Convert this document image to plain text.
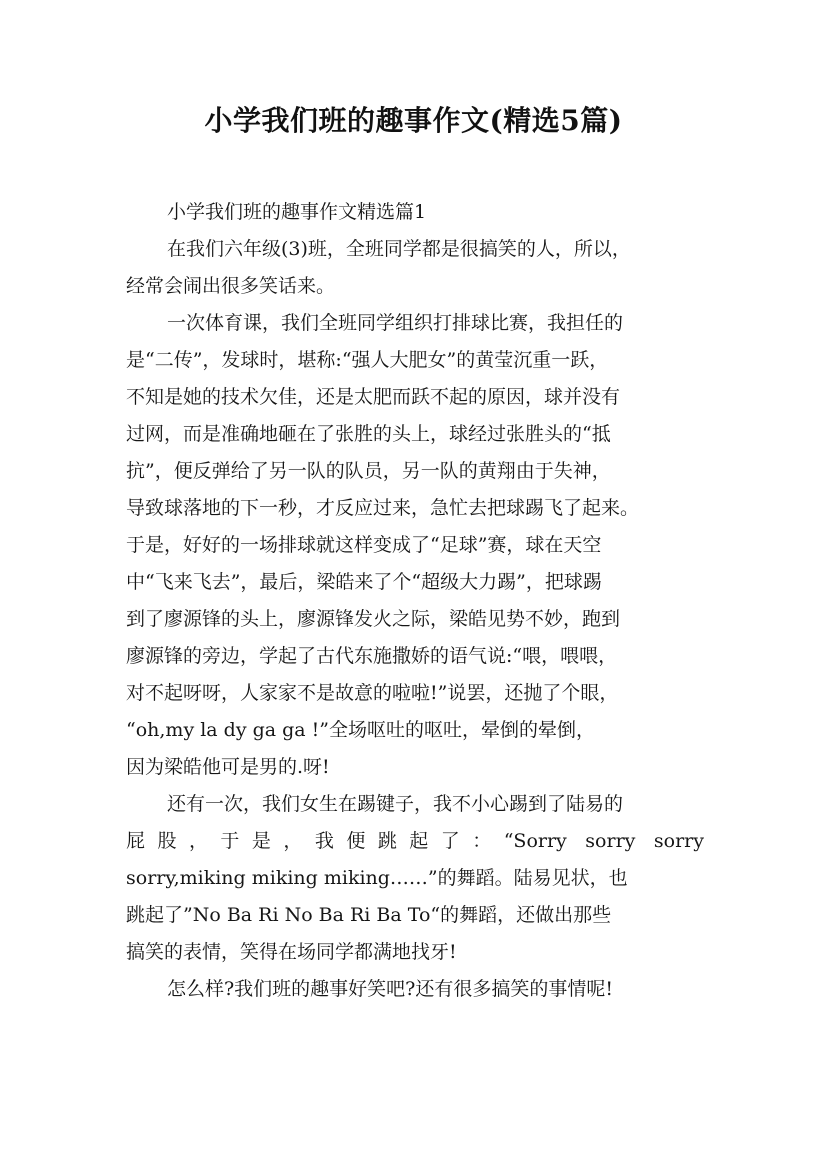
小学我们班的趣事作文(精选5篇)
小学我们班的趣事作文精选篇1
在我们六年级(3)班，全班同学都是很搞笑的人，所以，
经常会闹出很多笑话来。
一次体育课，我们全班同学组织打排球比赛，我担任的
是“二传”，发球时，堪称:“强人大肥女”的黄莹沉重一跃，
不知是她的技术欠佳，还是太肥而跃不起的原因，球并没有
过网，而是准确地砸在了张胜的头上，球经过张胜头的“抵
抗”，便反弹给了另一队的队员，另一队的黄翔由于失神，
导致球落地的下一秒，才反应过来，急忙去把球踢飞了起来。
于是，好好的一场排球就这样变成了“足球”赛，球在天空
中“飞来飞去”，最后，梁皓来了个“超级大力踢”，把球踢
到了廖源锋的头上，廖源锋发火之际，梁皓见势不妙，跑到
廖源锋的旁边，学起了古代东施撒娇的语气说:“喂，喂喂，
对不起呀呀，人家家不是故意的啦啦!”说罢，还抛了个眼，
“oh,my la dy ga ga !”全场呕吐的呕吐，晕倒的晕倒，
因为梁皓他可是男的.呀!
还有一次，我们女生在踢键子，我不小心踢到了陆易的
屁股，于是，我便跳起了：“Sorry sorry sorry
sorry,miking miking miking……”的舞蹈。陆易见状，也
跳起了”No Ba Ri No Ba Ri Ba To“的舞蹈，还做出那些
搞笑的表情，笑得在场同学都满地找牙!
怎么样?我们班的趣事好笑吧?还有很多搞笑的事情呢!
